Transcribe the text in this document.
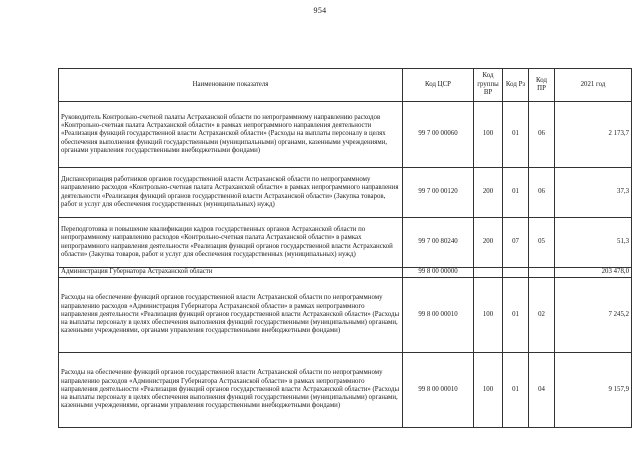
954
Наименование показателя	Код ЦСР	Код группы ВР	Код Рз	Код ПР	2021 год
Руководитель Контрольно-счетной палаты Астраханской области по непрограммному направлению расходов «Контрольно-счетная палата Астраханской области» в рамках непрограммного направления деятельности «Реализация функций государственной власти Астраханской области» (Расходы на выплаты персоналу в целях обеспечения выполнения функций государственными (муниципальными) органами, казенными учреждениями, органами управления государственными внебюджетными фондами)	99 7 00 00060	100	01	06	2 173,7
Диспансеризация работников органов государственной власти Астраханской области по непрограммному направлению расходов «Контрольно-счетная палата Астраханской области» в рамках непрограммного направления деятельности «Реализация функций органов государственной власти Астраханской области» (Закупка товаров, работ и услуг для обеспечения государственных (муниципальных) нужд)	99 7 00 00120	200	01	06	37,3
Переподготовка и повышение квалификации кадров государственных органов Астраханской области по непрограммному направлению расходов «Контрольно-счетная палата Астраханской области» в рамках непрограммного направления деятельности «Реализация функций органов государственной власти Астраханской области» (Закупка товаров, работ и услуг для обеспечения государственных (муниципальных) нужд)	99 7 00 80240	200	07	05	51,3
Администрация Губернатора Астраханской области	99 8 00 00000				203 478,0
Расходы на обеспечение функций органов государственной власти Астраханской области по непрограммному направлению расходов «Администрация Губернатора Астраханской области» в рамках непрограммного направления деятельности «Реализация функций органов государственной власти Астраханской области» (Расходы на выплаты персоналу в целях обеспечения выполнения функций государственными (муниципальными) органами, казенными учреждениями, органами управления государственными внебюджетными фондами)	99 8 00 00010	100	01	02	7 245,2
Расходы на обеспечение функций органов государственной власти Астраханской области по непрограммному направлению расходов «Администрация Губернатора Астраханской области» в рамках непрограммного направления деятельности «Реализация функций органов государственной власти Астраханской области» (Расходы на выплаты персоналу в целях обеспечения выполнения функций государственными (муниципальными) органами, казенными учреждениями, органами управления государственными внебюджетными фондами)	99 8 00 00010	100	01	04	9 157,9
